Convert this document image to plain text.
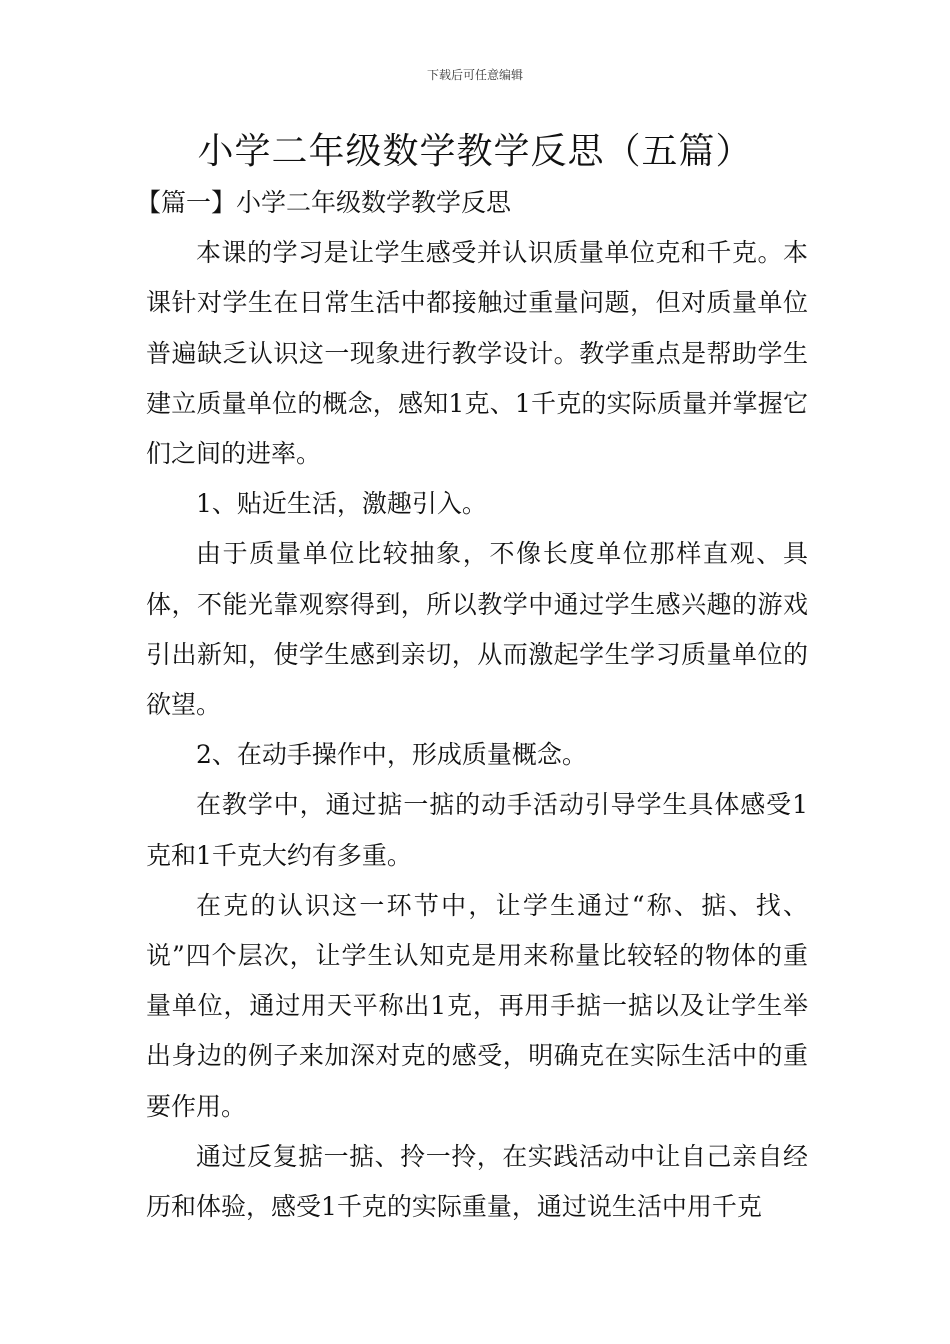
下载后可任意编辑
小学二年级数学教学反思（五篇）

【篇一】小学二年级数学教学反思

本课的学习是让学生感受并认识质量单位克和千克。本课针对学生在日常生活中都接触过重量问题，但对质量单位普遍缺乏认识这一现象进行教学设计。教学重点是帮助学生建立质量单位的概念，感知1克、1千克的实际质量并掌握它们之间的进率。

1、贴近生活，激趣引入。

由于质量单位比较抽象，不像长度单位那样直观、具体，不能光靠观察得到，所以教学中通过学生感兴趣的游戏引出新知，使学生感到亲切，从而激起学生学习质量单位的欲望。

2、在动手操作中，形成质量概念。

在教学中，通过掂一掂的动手活动引导学生具体感受1克和1千克大约有多重。

在克的认识这一环节中，让学生通过“称、掂、找、说”四个层次，让学生认知克是用来称量比较轻的物体的重量单位，通过用天平称出1克，再用手掂一掂以及让学生举出身边的例子来加深对克的感受，明确克在实际生活中的重要作用。

通过反复掂一掂、拎一拎，在实践活动中让自己亲自经历和体验，感受1千克的实际重量，通过说生活中用千克
